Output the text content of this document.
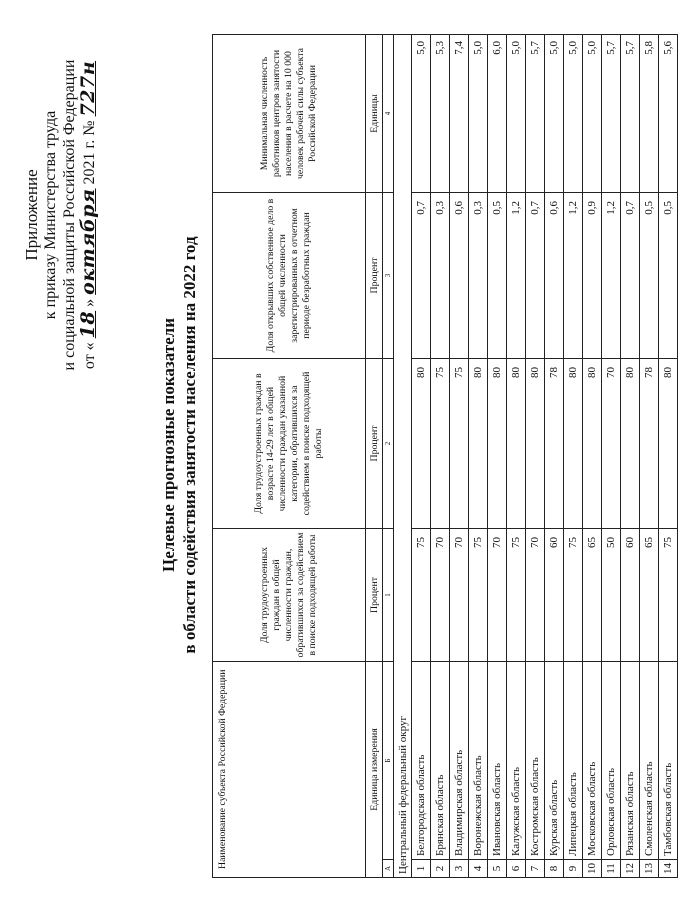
Приложение к приказу Министерства труда и социальной защиты Российской Федерации от « 18 » октября 2021 г. № 727н
Целевые прогнозные показатели в области содействия занятости населения на 2022 год
Наименование субъекта Российской Федерации		Доля трудоустроенных граждан в общей численности граждан, обратившихся за содействием в поиске подходящей работы	Доля трудоустроенных граждан в возрасте 14-29 лет в общей численности граждан указанной категории, обратившихся за содействием в поиске подходящей работы	Доля открывших собственное дело в общей численности зарегистрированных в отчетном периоде безработных граждан	Минимальная численность работников центров занятости населения в расчете на 10 000 человек рабочей силы субъекта Российской Федерации
Единица измерения		Процент	Процент	Процент	Единицы
А	Б	1	2	3	4
Центральный федеральный округ					
1	Белгородская область	75	80	0,7	5,0
2	Брянская область	70	75	0,3	5,3
3	Владимирская область	70	75	0,6	7,4
4	Воронежская область	75	80	0,3	5,0
5	Ивановская область	70	80	0,5	6,0
6	Калужская область	75	80	1,2	5,0
7	Костромская область	70	80	0,7	5,7
8	Курская область	60	78	0,6	5,0
9	Липецкая область	75	80	1,2	5,0
10	Московская область	65	80	0,9	5,0
11	Орловская область	50	70	1,2	5,7
12	Рязанская область	60	80	0,7	5,7
13	Смоленская область	65	78	0,5	5,8
14	Тамбовская область	75	80	0,5	5,6
